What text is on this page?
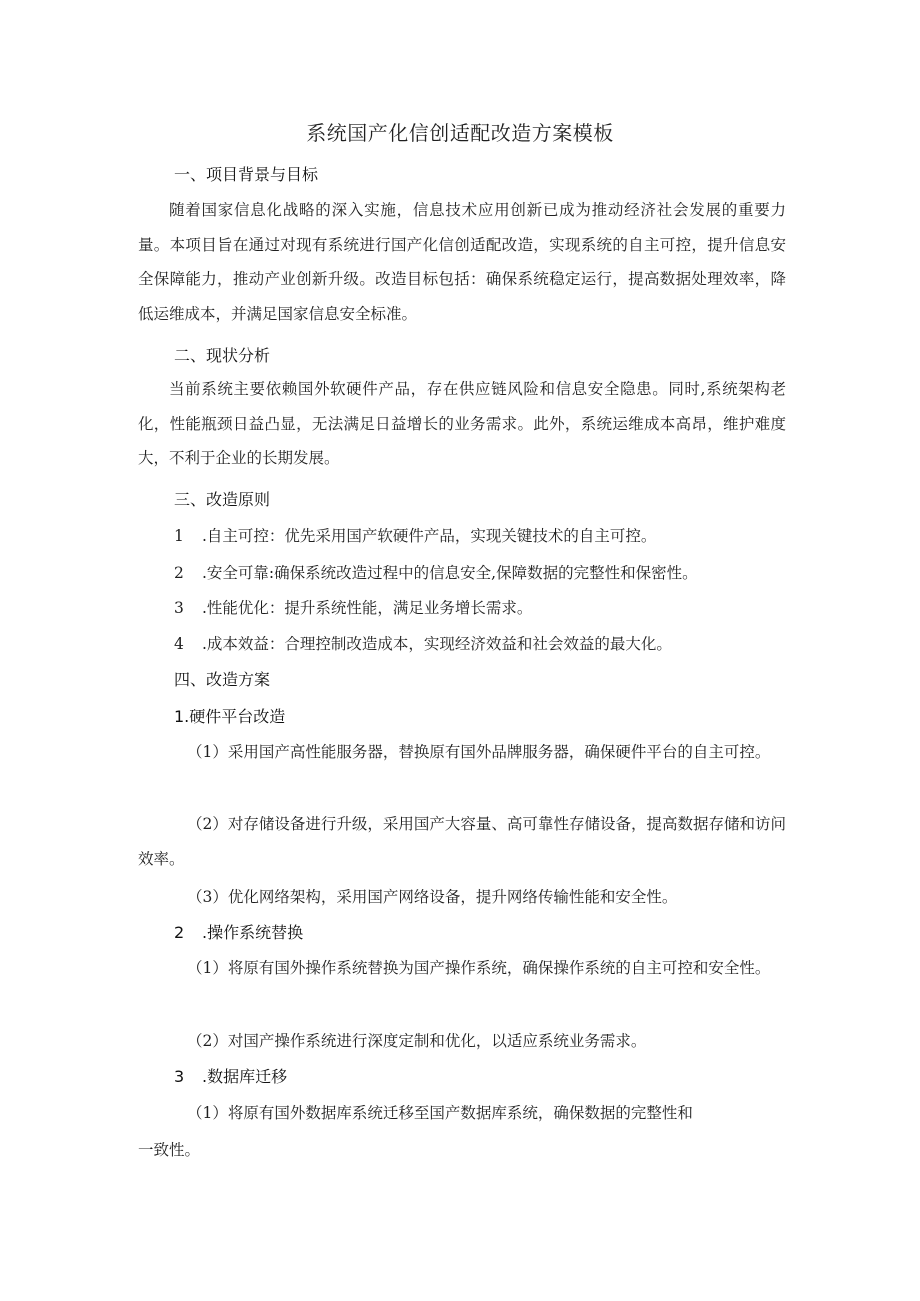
系统国产化信创适配改造方案模板
一、项目背景与目标

随着国家信息化战略的深入实施，信息技术应用创新已成为推动经济社会发展的重要力量。本项目旨在通过对现有系统进行国产化信创适配改造，实现系统的自主可控，提升信息安全保障能力，推动产业创新升级。改造目标包括：确保系统稳定运行，提高数据处理效率，降低运维成本，并满足国家信息安全标准。

二、现状分析

当前系统主要依赖国外软硬件产品，存在供应链风险和信息安全隐患。同时,系统架构老化，性能瓶颈日益凸显，无法满足日益增长的业务需求。此外，系统运维成本高昂，维护难度大，不利于企业的长期发展。

三、改造原则
1 .自主可控：优先采用国产软硬件产品，实现关键技术的自主可控。
2 .安全可靠:确保系统改造过程中的信息安全,保障数据的完整性和保密性。
3 .性能优化：提升系统性能，满足业务增长需求。
4 .成本效益：合理控制改造成本，实现经济效益和社会效益的最大化。
四、改造方案
1.硬件平台改造

（1）采用国产高性能服务器，替换原有国外品牌服务器，确保硬件平台的自主可控。

（2）对存储设备进行升级，采用国产大容量、高可靠性存储设备，提高数据存储和访问效率。

（3）优化网络架构，采用国产网络设备，提升网络传输性能和安全性。

2 .操作系统替换

（1）将原有国外操作系统替换为国产操作系统，确保操作系统的自主可控和安全性。

（2）对国产操作系统进行深度定制和优化，以适应系统业务需求。

3 .数据库迁移
（1）将原有国外数据库系统迁移至国产数据库系统，确保数据的完整性和
一致性。
